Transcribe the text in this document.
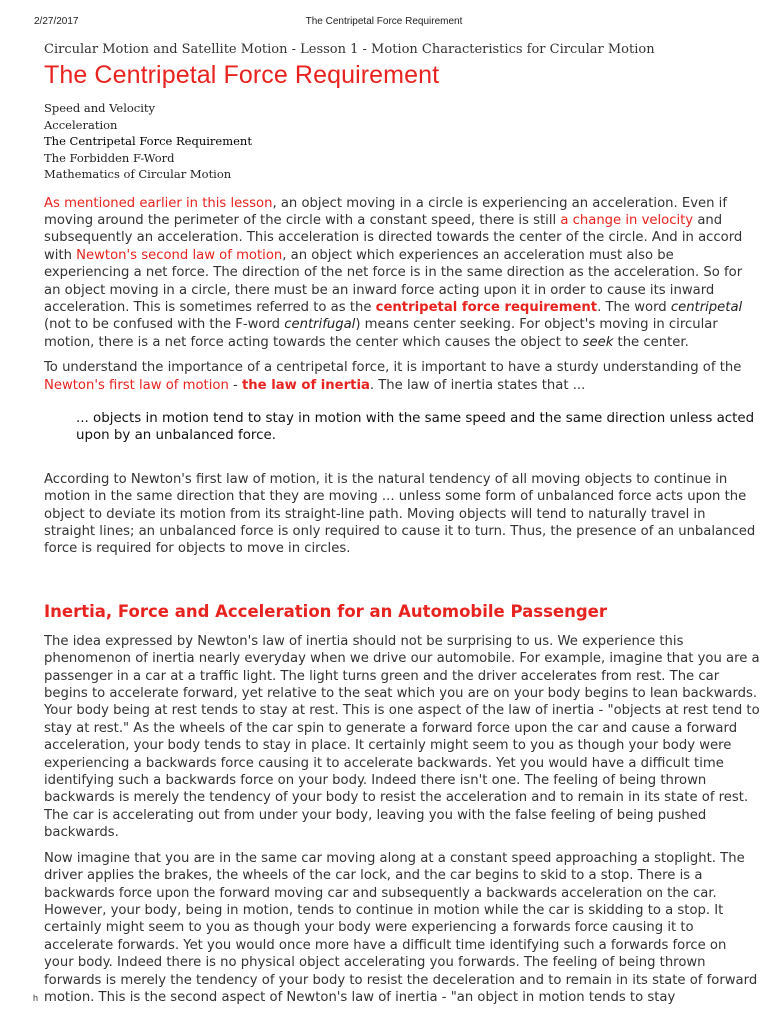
2/27/2017	The Centripetal Force Requirement
Circular Motion and Satellite Motion - Lesson 1 - Motion Characteristics for Circular Motion
The Centripetal Force Requirement
Speed and Velocity
Acceleration
The Centripetal Force Requirement
The Forbidden F-Word
Mathematics of Circular Motion

As mentioned earlier in this lesson, an object moving in a circle is experiencing an acceleration. Even if moving around the perimeter of the circle with a constant speed, there is still a change in velocity and subsequently an acceleration. This acceleration is directed towards the center of the circle. And in accord with Newton's second law of motion, an object which experiences an acceleration must also be experiencing a net force. The direction of the net force is in the same direction as the acceleration. So for an object moving in a circle, there must be an inward force acting upon it in order to cause its inward acceleration. This is sometimes referred to as the centripetal force requirement. The word centripetal (not to be confused with the F-word centrifugal) means center seeking. For object's moving in circular motion, there is a net force acting towards the center which causes the object to seek the center.

To understand the importance of a centripetal force, it is important to have a sturdy understanding of the Newton's first law of motion - the law of inertia. The law of inertia states that ...

... objects in motion tend to stay in motion with the same speed and the same direction unless acted upon by an unbalanced force.

According to Newton's first law of motion, it is the natural tendency of all moving objects to continue in motion in the same direction that they are moving ... unless some form of unbalanced force acts upon the object to deviate its motion from its straight-line path. Moving objects will tend to naturally travel in straight lines; an unbalanced force is only required to cause it to turn. Thus, the presence of an unbalanced force is required for objects to move in circles.

Inertia, Force and Acceleration for an Automobile Passenger

The idea expressed by Newton's law of inertia should not be surprising to us. We experience this phenomenon of inertia nearly everyday when we drive our automobile. For example, imagine that you are a passenger in a car at a traffic light. The light turns green and the driver accelerates from rest. The car begins to accelerate forward, yet relative to the seat which you are on your body begins to lean backwards. Your body being at rest tends to stay at rest. This is one aspect of the law of inertia - "objects at rest tend to stay at rest." As the wheels of the car spin to generate a forward force upon the car and cause a forward acceleration, your body tends to stay in place. It certainly might seem to you as though your body were experiencing a backwards force causing it to accelerate backwards. Yet you would have a difficult time identifying such a backwards force on your body. Indeed there isn't one. The feeling of being thrown backwards is merely the tendency of your body to resist the acceleration and to remain in its state of rest. The car is accelerating out from under your body, leaving you with the false feeling of being pushed backwards.

Now imagine that you are in the same car moving along at a constant speed approaching a stoplight. The driver applies the brakes, the wheels of the car lock, and the car begins to skid to a stop. There is a backwards force upon the forward moving car and subsequently a backwards acceleration on the car. However, your body, being in motion, tends to continue in motion while the car is skidding to a stop. It certainly might seem to you as though your body were experiencing a forwards force causing it to accelerate forwards. Yet you would once more have a difficult time identifying such a forwards force on your body. Indeed there is no physical object accelerating you forwards. The feeling of being thrown forwards is merely the tendency of your body to resist the deceleration and to remain in its state of forward motion. This is the second aspect of Newton's law of inertia - "an object in motion tends to stay

h
